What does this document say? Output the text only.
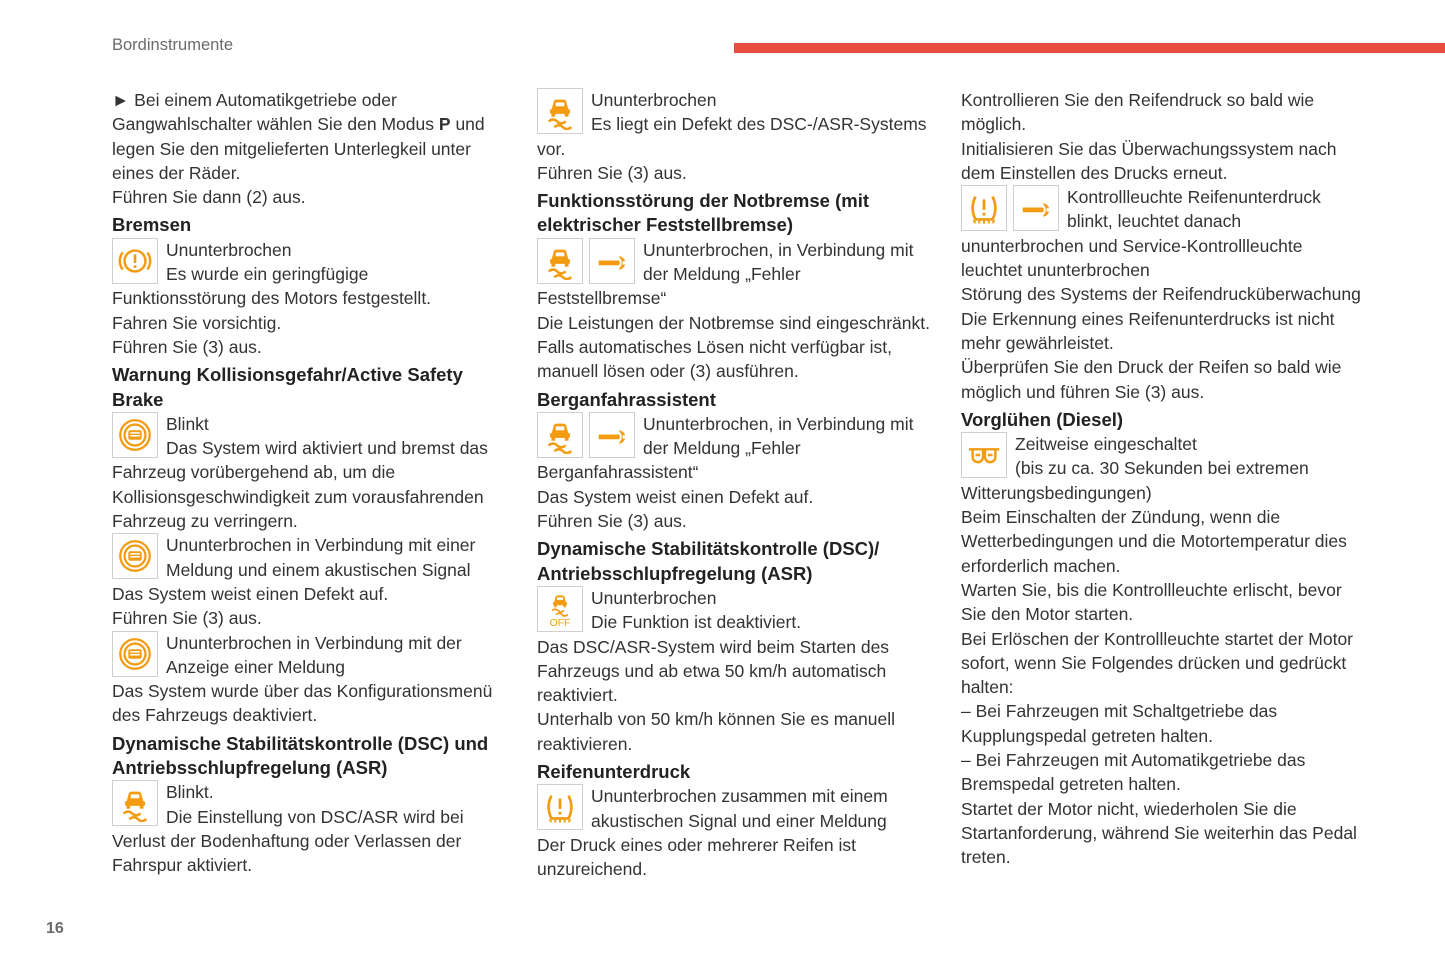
Bordinstrumente

► Bei einem Automatikgetriebe oder Gangwahlschalter wählen Sie den Modus P und legen Sie den mitgelieferten Unterlegkeil unter eines der Räder.

Führen Sie dann (2) aus.

Bremsen

Ununterbrochen

Es wurde ein geringfügige Funktionsstörung des Motors festgestellt.

Fahren Sie vorsichtig.

Führen Sie (3) aus.

Warnung Kollisionsgefahr/Active Safety Brake

Blinkt

Das System wird aktiviert und bremst das Fahrzeug vorübergehend ab, um die Kollisionsgeschwindigkeit zum vorausfahrenden Fahrzeug zu verringern.

Ununterbrochen in Verbindung mit einer Meldung und einem akustischen Signal

Das System weist einen Defekt auf.

Führen Sie (3) aus.

Ununterbrochen in Verbindung mit der Anzeige einer Meldung

Das System wurde über das Konfigurationsmenü des Fahrzeugs deaktiviert.

Dynamische Stabilitätskontrolle (DSC) und Antriebsschlupfregelung (ASR)

Blinkt.

Die Einstellung von DSC/ASR wird bei Verlust der Bodenhaftung oder Verlassen der Fahrspur aktiviert.

Ununterbrochen

Es liegt ein Defekt des DSC-/ASR-Systems vor.

Führen Sie (3) aus.

Funktionsstörung der Notbremse (mit elektrischer Feststellbremse)

Ununterbrochen, in Verbindung mit der Meldung „Fehler Feststellbremse“

Die Leistungen der Notbremse sind eingeschränkt.

Falls automatisches Lösen nicht verfügbar ist, manuell lösen oder (3) ausführen.

Berganfahrassistent

Ununterbrochen, in Verbindung mit der Meldung „Fehler Berganfahrassistent“

Das System weist einen Defekt auf.

Führen Sie (3) aus.

Dynamische Stabilitätskontrolle (DSC)/ Antriebsschlupfregelung (ASR)
OFF

Ununterbrochen

Die Funktion ist deaktiviert.

Das DSC/ASR-System wird beim Starten des Fahrzeugs und ab etwa 50 km/h automatisch reaktiviert.

Unterhalb von 50 km/h können Sie es manuell reaktivieren.

Reifenunterdruck

Ununterbrochen zusammen mit einem akustischen Signal und einer Meldung

Der Druck eines oder mehrerer Reifen ist unzureichend.

Kontrollieren Sie den Reifendruck so bald wie möglich.

Initialisieren Sie das Überwachungssystem nach dem Einstellen des Drucks erneut.

Kontrollleuchte Reifenunterdruck blinkt, leuchtet danach ununterbrochen und Service-Kontrollleuchte leuchtet ununterbrochen

Störung des Systems der Reifendrucküberwachung

Die Erkennung eines Reifenunterdrucks ist nicht mehr gewährleistet.

Überprüfen Sie den Druck der Reifen so bald wie möglich und führen Sie (3) aus.

Vorglühen (Diesel)

Zeitweise eingeschaltet

(bis zu ca. 30 Sekunden bei extremen Witterungsbedingungen)

Beim Einschalten der Zündung, wenn die Wetterbedingungen und die Motortemperatur dies erforderlich machen.

Warten Sie, bis die Kontrollleuchte erlischt, bevor Sie den Motor starten.

Bei Erlöschen der Kontrollleuchte startet der Motor sofort, wenn Sie Folgendes drücken und gedrückt halten:

– Bei Fahrzeugen mit Schaltgetriebe das Kupplungspedal getreten halten.

– Bei Fahrzeugen mit Automatikgetriebe das Bremspedal getreten halten.

Startet der Motor nicht, wiederholen Sie die Startanforderung, während Sie weiterhin das Pedal treten.

16
